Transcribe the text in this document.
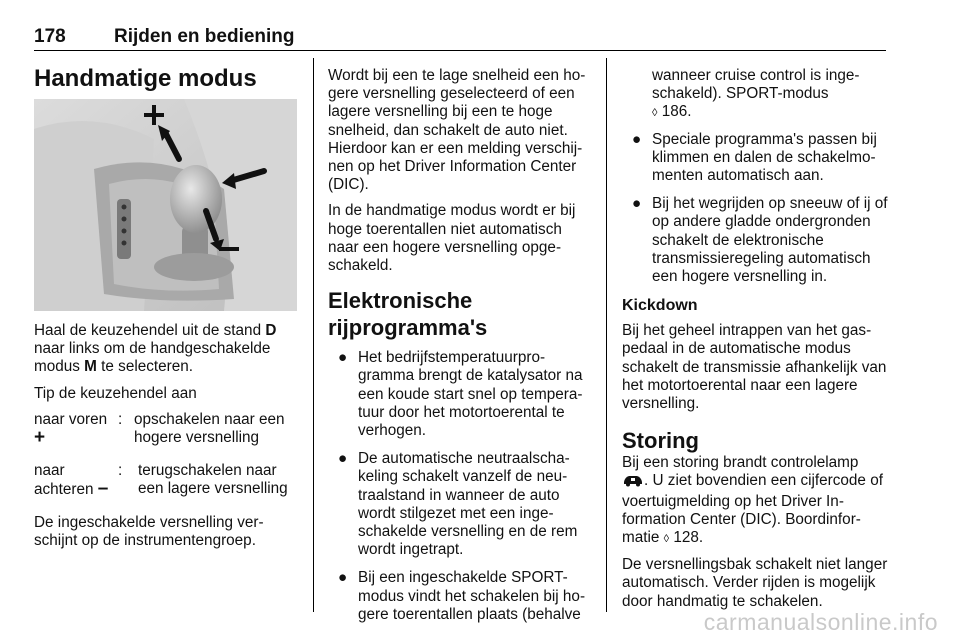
178	Rijden en bediening
Handmatige modus

Haal de keuzehendel uit de stand D naar links om de handgeschakelde modus M te selecteren.

Tip de keuzehendel aan

naar voren +
: opschakelen naar een hogere versnelling
naar achteren –
:	terugschakelen naar een lagere versnelling

De ingeschakelde versnelling verschijnt op de instrumentengroep.

Wordt bij een te lage snelheid een hogere versnelling geselecteerd of een lagere versnelling bij een te hoge snelheid, dan schakelt de auto niet. Hierdoor kan er een melding verschijnen op het Driver Information Center (DIC).

In de handmatige modus wordt er bij hoge toerentallen niet automatisch naar een hogere versnelling opgeschakeld.

Elektronische rijprogramma's
● Het bedrijfstemperatuurprogramma brengt de katalysator na een koude start snel op temperatuur door het motortoerental te verhogen.
● De automatische neutraalschakeling schakelt vanzelf de neutraalstand in wanneer de auto wordt stilgezet met een ingeschakelde versnelling en de rem wordt ingetrapt.
● Bij een ingeschakelde SPORT-modus vindt het schakelen bij hogere toerentallen plaats (behalve

wanneer cruise control is ingeschakeld). SPORT-modus
◊ 186.

● Speciale programma's passen bij klimmen en dalen de schakelmomenten automatisch aan.
● Bij het wegrijden op sneeuw of ij of op andere gladde ondergronden schakelt de elektronische transmissieregeling automatisch een hogere versnelling in.
Kickdown

Bij het geheel intrappen van het gaspedaal in de automatische modus schakelt de transmissie afhankelijk van het motortoerental naar een lagere versnelling.

Storing

Bij een storing brandt controlelamp
. U ziet bovendien een cijfercode of voertuigmelding op het Driver Information Center (DIC). Boordinformatie ◊ 128.

De versnellingsbak schakelt niet langer automatisch. Verder rijden is mogelijk door handmatig te schakelen.

carmanualsonline.info
